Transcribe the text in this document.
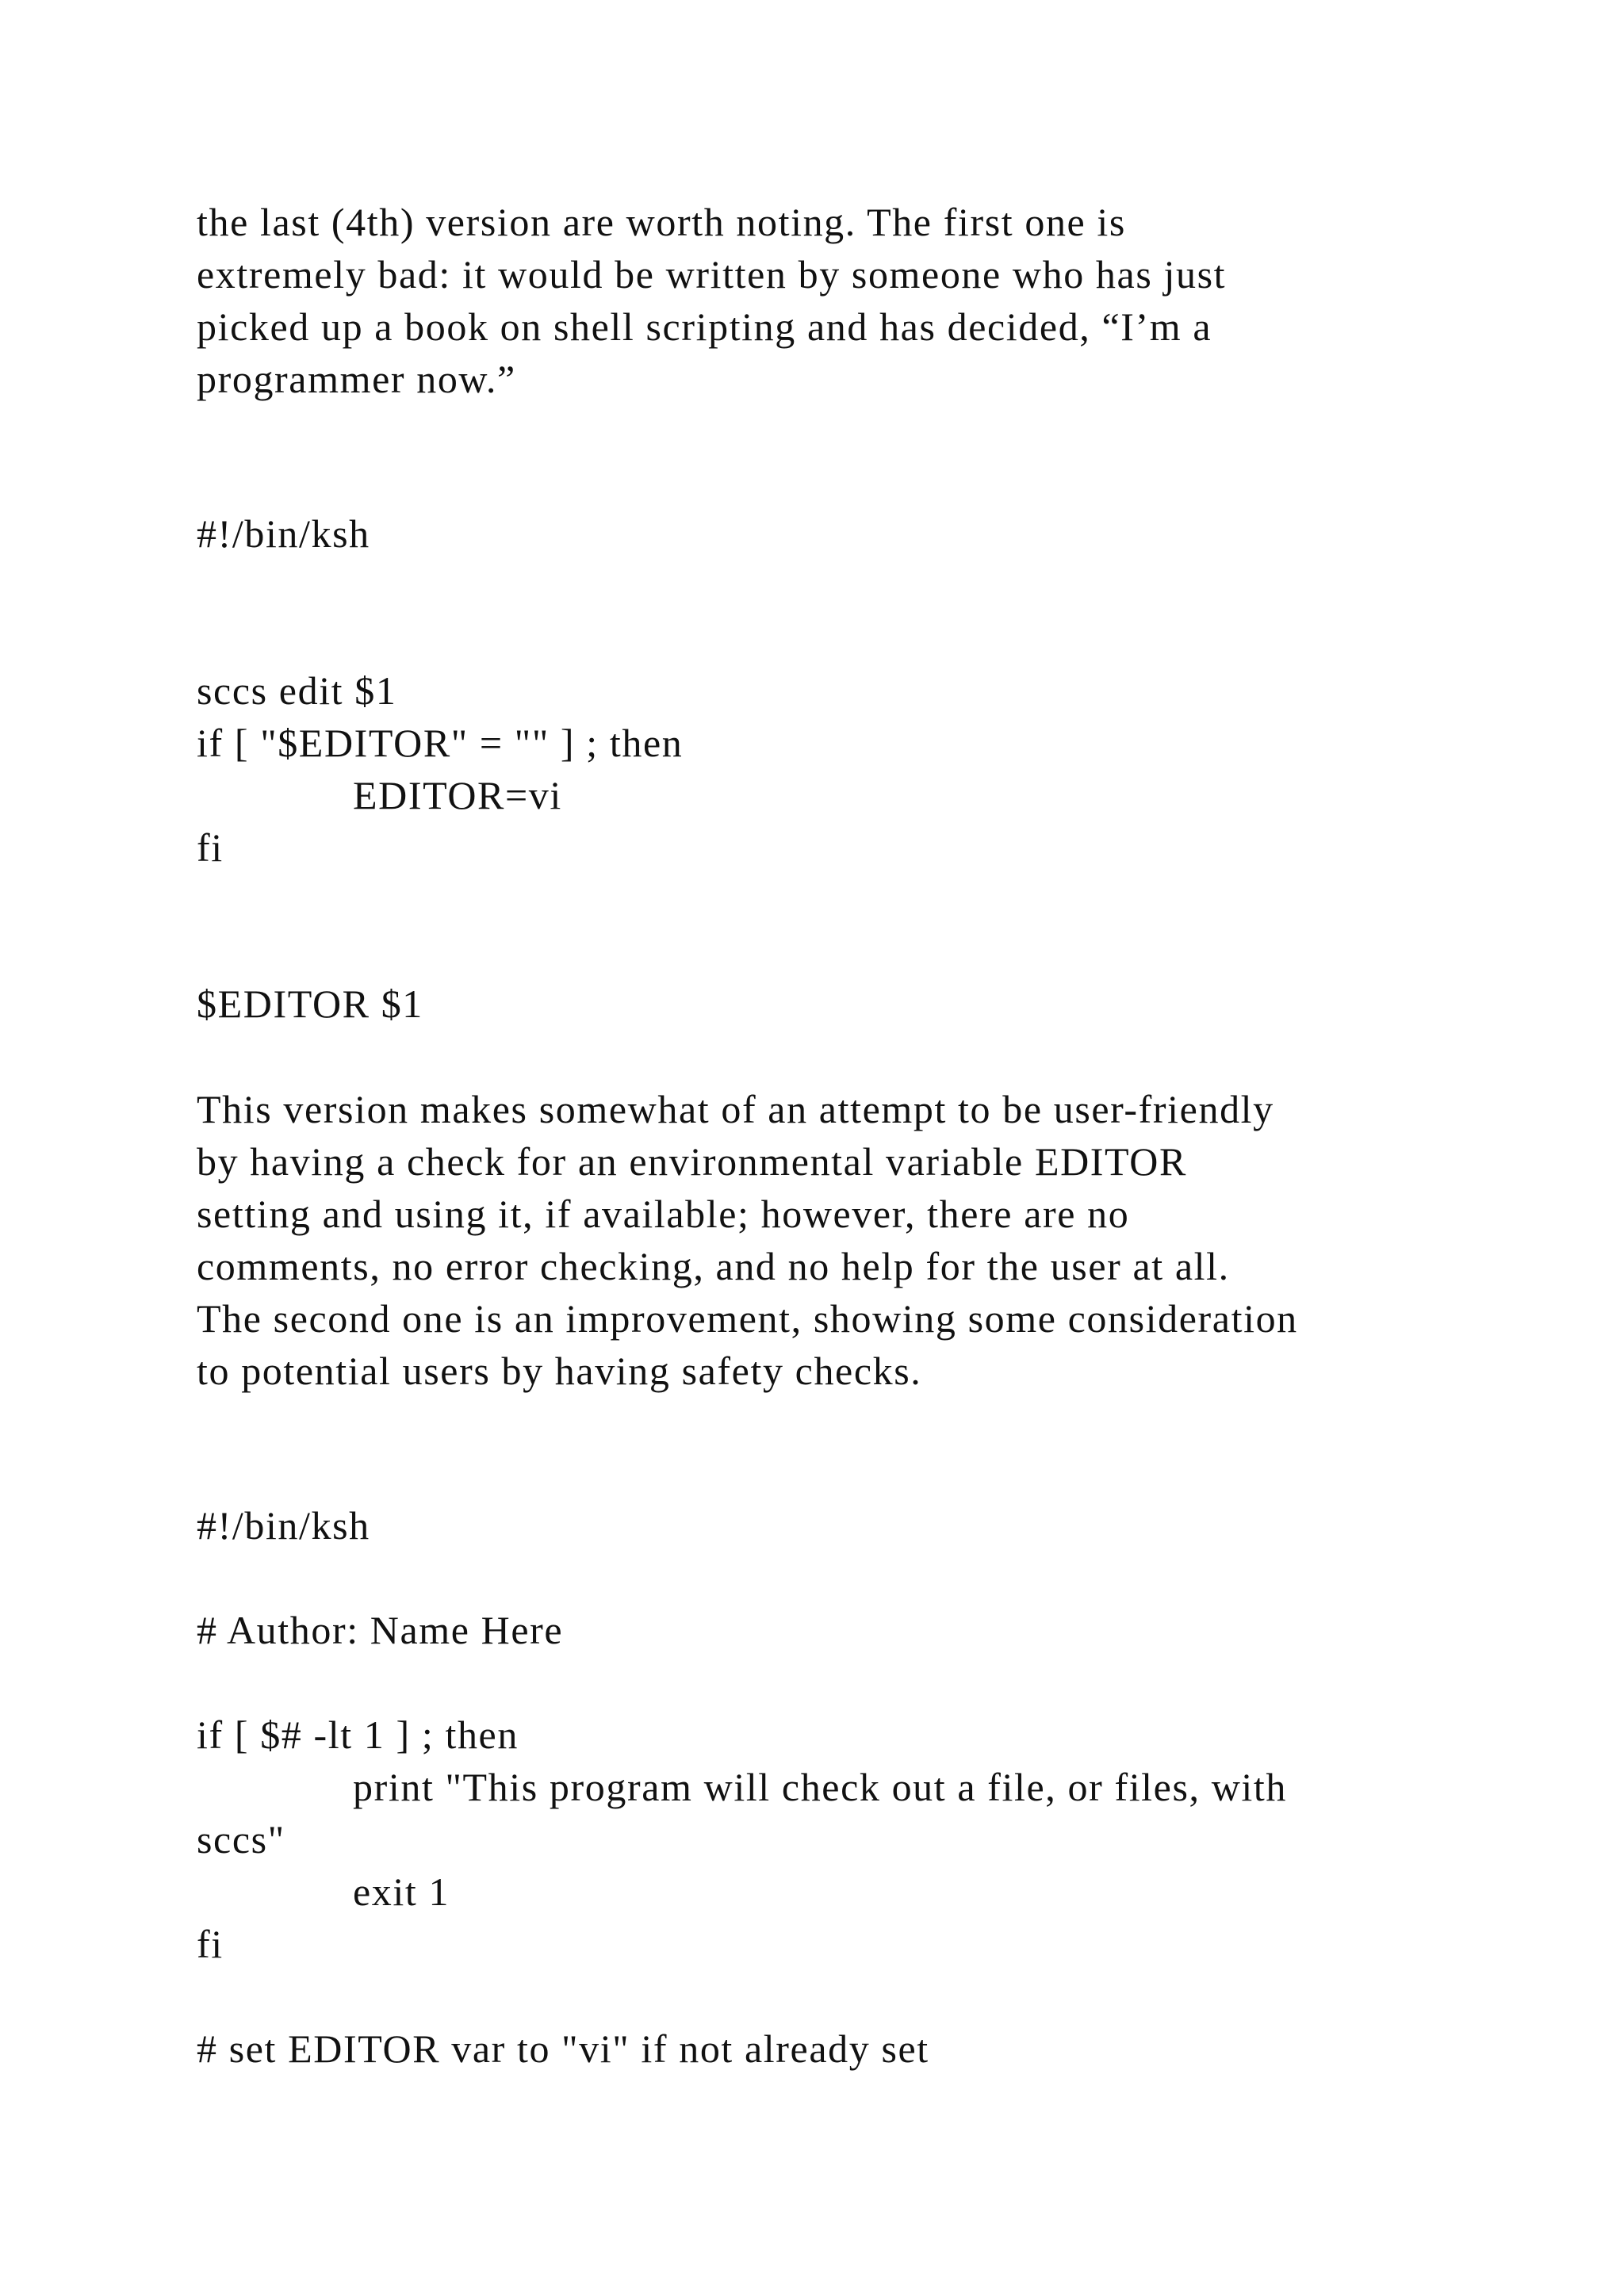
the last (4th) version are worth noting. The first one is
extremely bad: it would be written by someone who has just
picked up a book on shell scripting and has decided, “I’m a
programmer now.”
#!/bin/ksh
sccs edit $1
if [ "$EDITOR" = "" ] ; then
EDITOR=vi
fi
$EDITOR $1
This version makes somewhat of an attempt to be user-friendly
by having a check for an environmental variable EDITOR
setting and using it, if available; however, there are no
comments, no error checking, and no help for the user at all.
The second one is an improvement, showing some consideration
to potential users by having safety checks.
#!/bin/ksh
# Author: Name Here
if [ $# -lt 1 ] ; then
print "This program will check out a file, or files, with
sccs"
exit 1
fi
# set EDITOR var to "vi" if not already set
